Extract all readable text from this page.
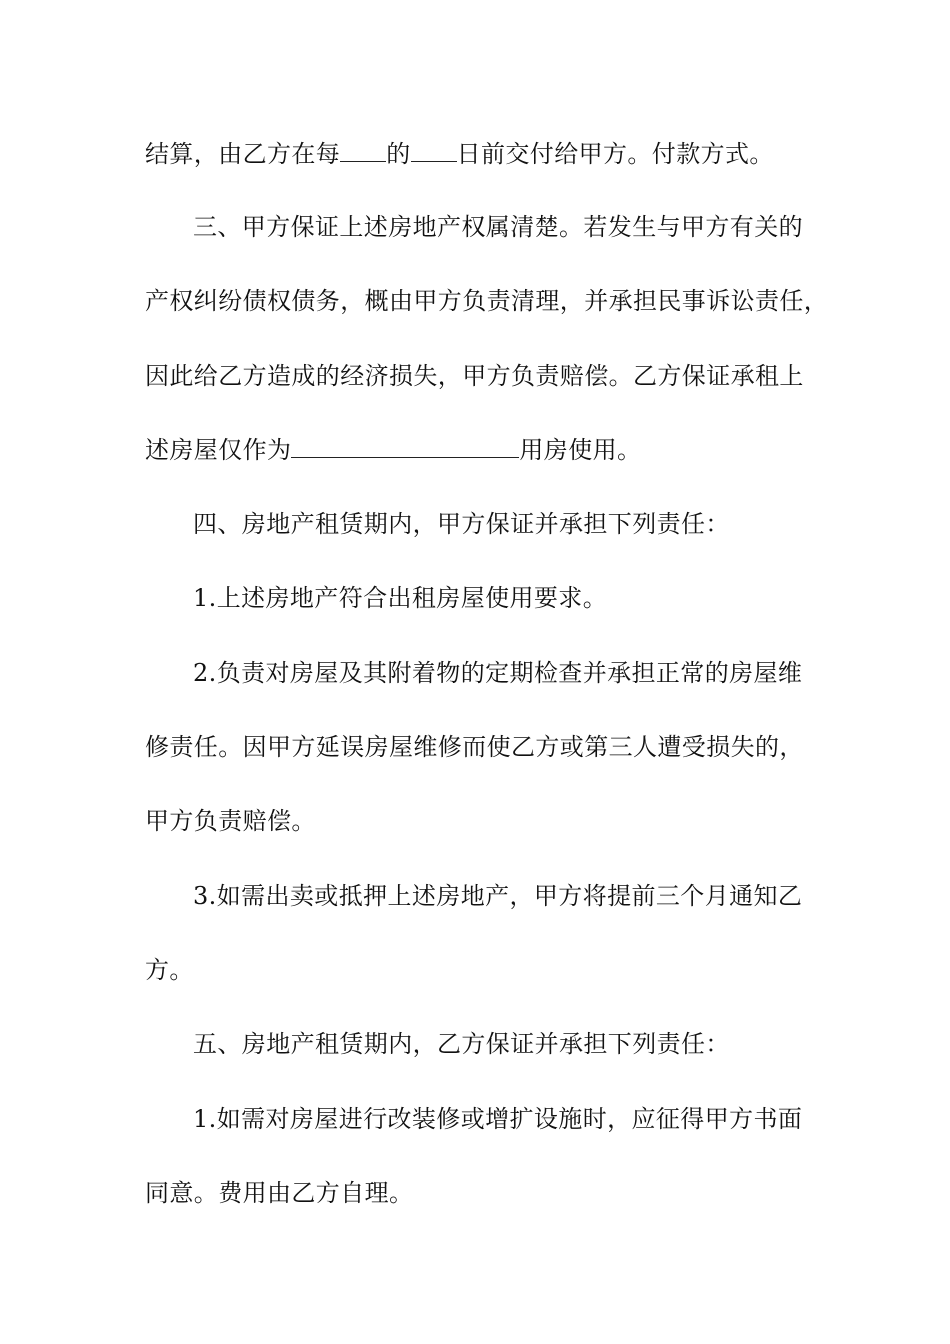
结算，由乙方在每 的 日前交付给甲方。付款方式。
三、甲方保证上述房地产权属清楚。若发生与甲方有关的
产权纠纷债权债务，概由甲方负责清理，并承担民事诉讼责任，
因此给乙方造成的经济损失，甲方负责赔偿。乙方保证承租上
述房屋仅作为	用房使用。
四、房地产租赁期内，甲方保证并承担下列责任：
1.上述房地产符合出租房屋使用要求。
2.负责对房屋及其附着物的定期检查并承担正常的房屋维
修责任。因甲方延误房屋维修而使乙方或第三人遭受损失的，
甲方负责赔偿。
3.如需出卖或抵押上述房地产，甲方将提前三个月通知乙
方。
五、房地产租赁期内，乙方保证并承担下列责任：
1.如需对房屋进行改装修或增扩设施时，应征得甲方书面
同意。费用由乙方自理。
